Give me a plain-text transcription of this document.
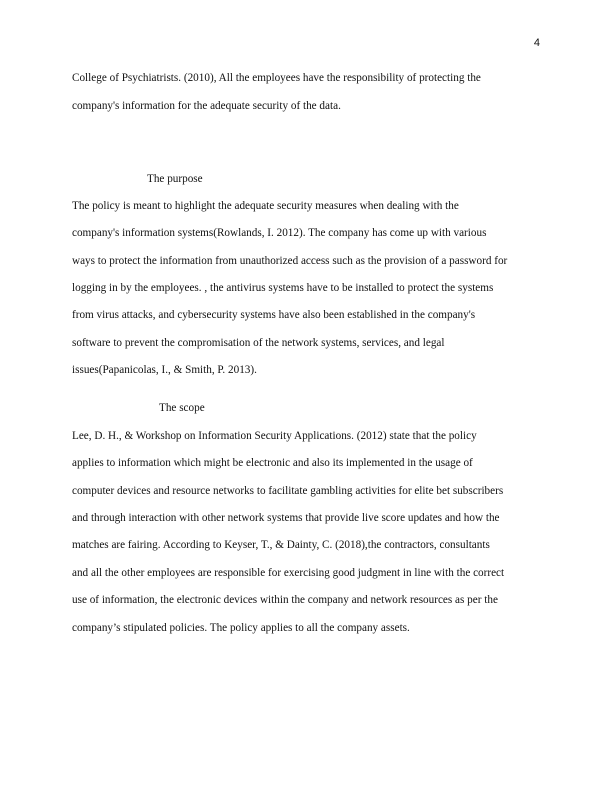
4
College of Psychiatrists. (2010), All the employees have the responsibility of protecting the
company's information for the adequate security of the data.
The purpose
The policy is meant to highlight the adequate security measures when dealing with the
company's information systems(Rowlands, I. 2012). The company has come up with various
ways to protect the information from unauthorized access such as the provision of a password for
logging in by the employees. , the antivirus systems have to be installed to protect the systems
from virus attacks, and cybersecurity systems have also been established in the company's
software to prevent the compromisation of the network systems, services, and legal
issues(Papanicolas, I., & Smith, P. 2013).
The scope
Lee, D. H., & Workshop on Information Security Applications. (2012) state that the policy
applies to information which might be electronic and also its implemented in the usage of
computer devices and resource networks to facilitate gambling activities for elite bet subscribers
and through interaction with other network systems that provide live score updates and how the
matches are fairing. According to Keyser, T., & Dainty, C. (2018),the contractors, consultants
and all the other employees are responsible for exercising good judgment in line with the correct
use of information, the electronic devices within the company and network resources as per the
company’s stipulated policies. The policy applies to all the company assets.
